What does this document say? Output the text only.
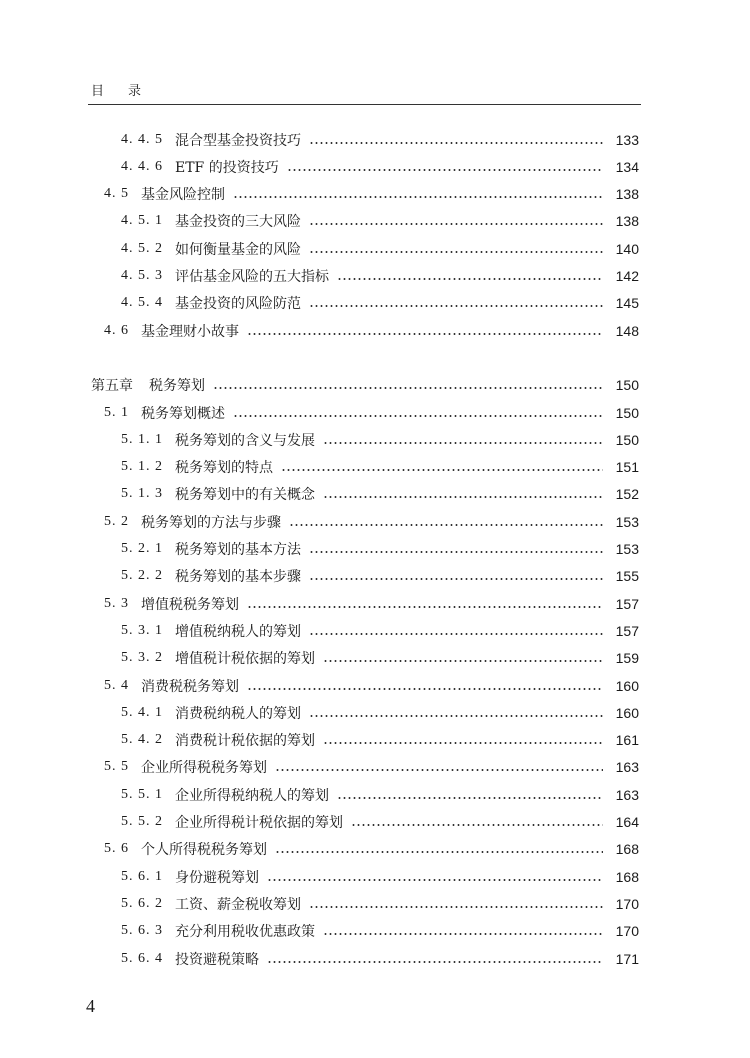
目 录
4. 4. 5 混合型基金投资技巧	133
4. 4. 6 ETF 的投资技巧	134
4. 5 基金风险控制	138
4. 5. 1 基金投资的三大风险	138
4. 5. 2 如何衡量基金的风险	140
4. 5. 3 评估基金风险的五大指标	142
4. 5. 4 基金投资的风险防范	145
4. 6 基金理财小故事	148
第五章 税务筹划	150
5. 1 税务筹划概述	150
5. 1. 1 税务筹划的含义与发展	150
5. 1. 2 税务筹划的特点	151
5. 1. 3 税务筹划中的有关概念	152
5. 2 税务筹划的方法与步骤	153
5. 2. 1 税务筹划的基本方法	153
5. 2. 2 税务筹划的基本步骤	155
5. 3 增值税税务筹划	157
5. 3. 1 增值税纳税人的筹划	157
5. 3. 2 增值税计税依据的筹划	159
5. 4 消费税税务筹划	160
5. 4. 1 消费税纳税人的筹划	160
5. 4. 2 消费税计税依据的筹划	161
5. 5 企业所得税税务筹划	163
5. 5. 1 企业所得税纳税人的筹划	163
5. 5. 2 企业所得税计税依据的筹划	164
5. 6 个人所得税税务筹划	168
5. 6. 1 身份避税筹划	168
5. 6. 2 工资、薪金税收筹划	170
5. 6. 3 充分利用税收优惠政策	170
5. 6. 4 投资避税策略	171
4
